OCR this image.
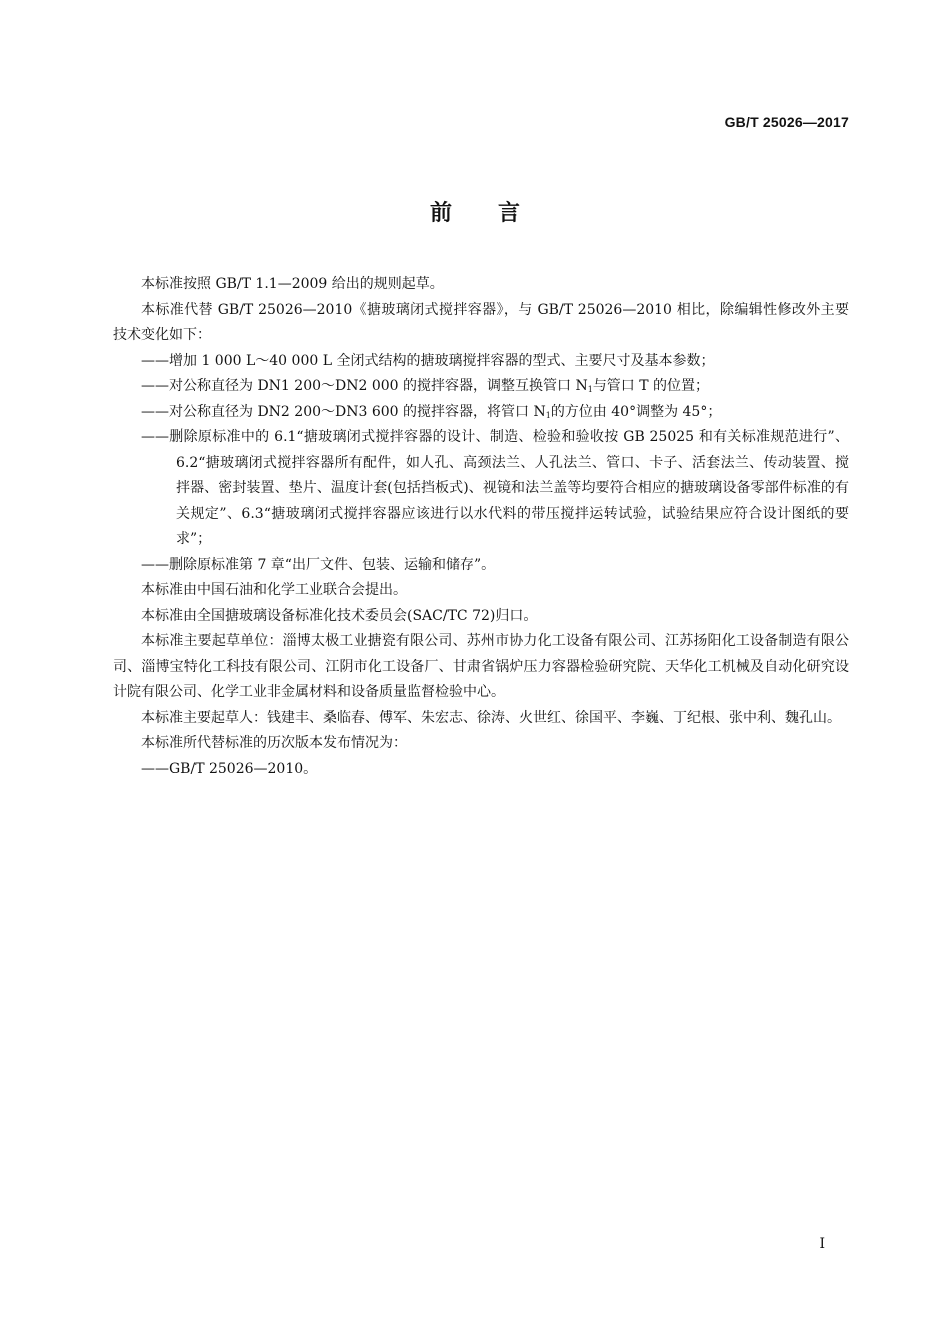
GB/T 25026—2017
前言

本标准按照 GB/T 1.1—2009 给出的规则起草。

本标准代替 GB/T 25026—2010《搪玻璃闭式搅拌容器》，与 GB/T 25026—2010 相比，除编辑性修改外主要技术变化如下：

——增加 1 000 L～40 000 L 全闭式结构的搪玻璃搅拌容器的型式、主要尺寸及基本参数；

——对公称直径为 DN1 200～DN2 000 的搅拌容器，调整互换管口 $N_1$与管口 T 的位置；

——对公称直径为 DN2 200～DN3 600 的搅拌容器，将管口 $N_1$的方位由 40°调整为 45°；

——删除原标准中的 6.1“搪玻璃闭式搅拌容器的设计、制造、检验和验收按 GB 25025 和有关标准规范进行”、6.2“搪玻璃闭式搅拌容器所有配件，如人孔、高颈法兰、人孔法兰、管口、卡子、活套法兰、传动装置、搅拌器、密封装置、垫片、温度计套(包括挡板式)、视镜和法兰盖等均要符合相应的搪玻璃设备零部件标准的有关规定”、6.3“搪玻璃闭式搅拌容器应该进行以水代料的带压搅拌运转试验，试验结果应符合设计图纸的要求”；

——删除原标准第 7 章“出厂文件、包装、运输和储存”。

本标准由中国石油和化学工业联合会提出。

本标准由全国搪玻璃设备标准化技术委员会(SAC/TC 72)归口。

本标准主要起草单位：淄博太极工业搪瓷有限公司、苏州市协力化工设备有限公司、江苏扬阳化工设备制造有限公司、淄博宝特化工科技有限公司、江阴市化工设备厂、甘肃省锅炉压力容器检验研究院、天华化工机械及自动化研究设计院有限公司、化学工业非金属材料和设备质量监督检验中心。

本标准主要起草人：钱建丰、桑临春、傅军、朱宏志、徐涛、火世红、徐国平、李巍、丁纪根、张中利、魏孔山。

本标准所代替标准的历次版本发布情况为：

——GB/T 25026—2010。

I
